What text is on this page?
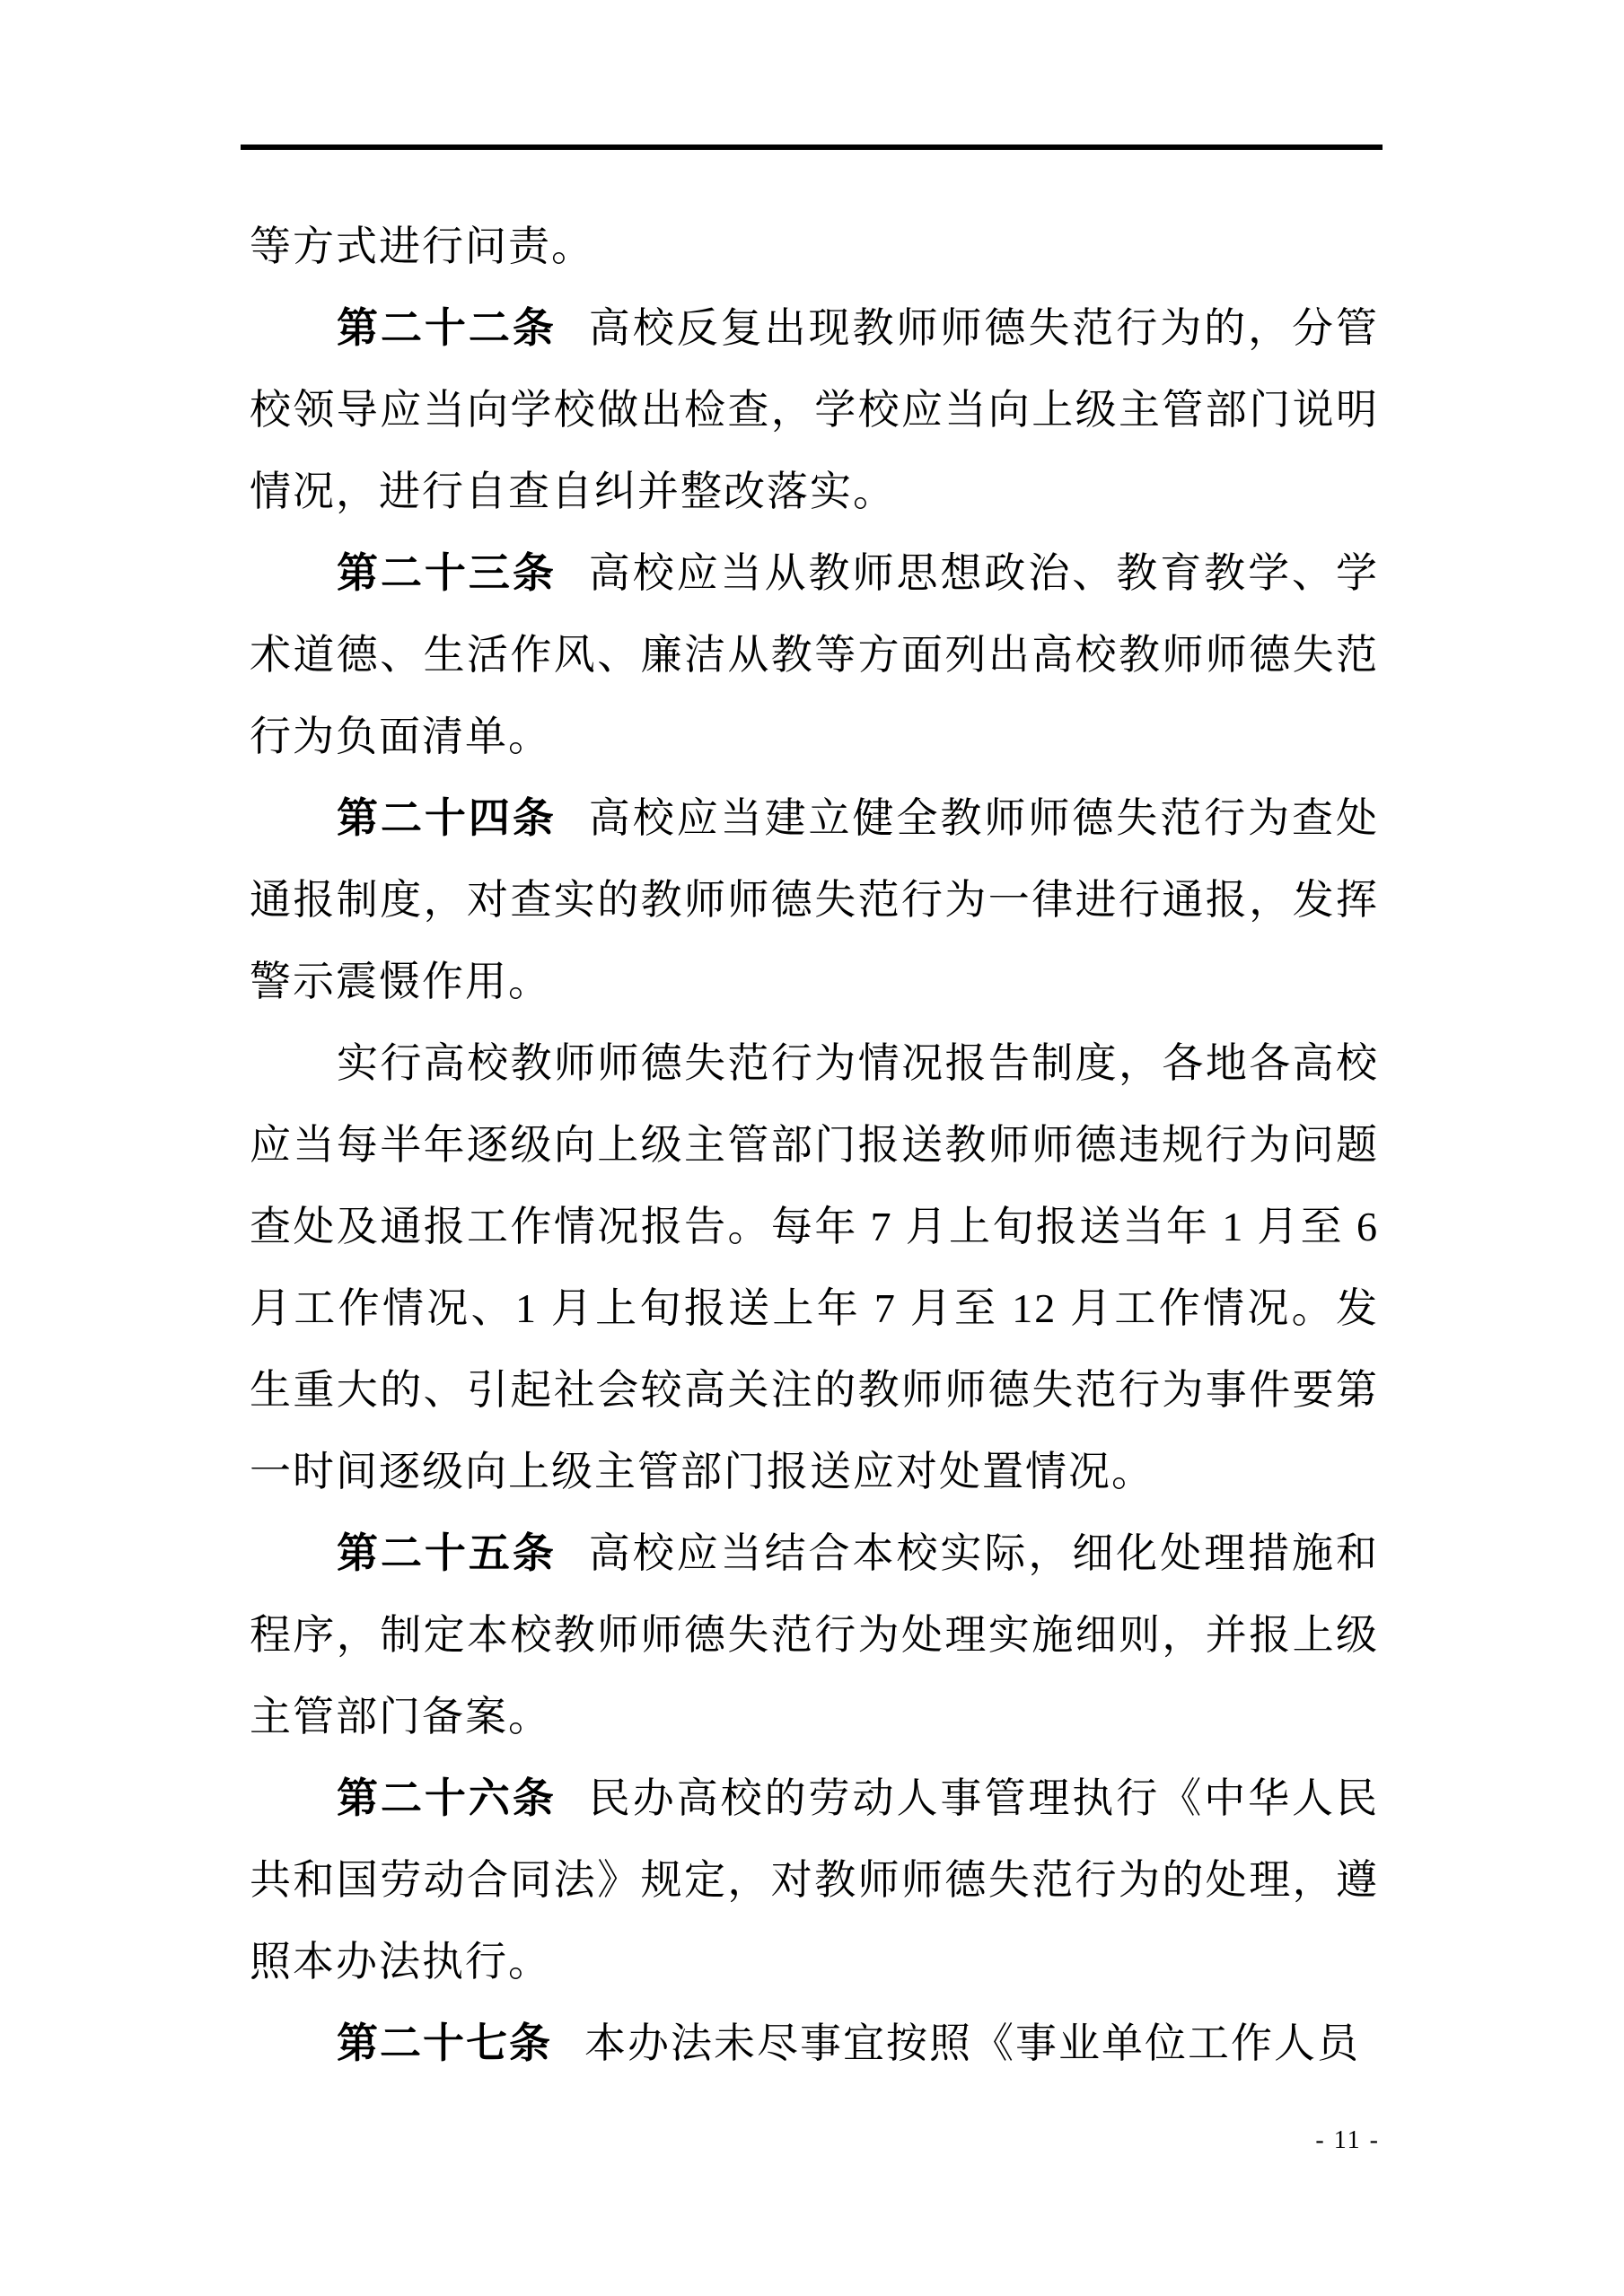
等方式进行问责。

第二十二条 高校反复出现教师师德失范行为的，分管校领导应当向学校做出检查，学校应当向上级主管部门说明情况，进行自查自纠并整改落实。

第二十三条 高校应当从教师思想政治、教育教学、学术道德、生活作风、廉洁从教等方面列出高校教师师德失范行为负面清单。

第二十四条 高校应当建立健全教师师德失范行为查处通报制度，对查实的教师师德失范行为一律进行通报，发挥警示震慑作用。

实行高校教师师德失范行为情况报告制度，各地各高校应当每半年逐级向上级主管部门报送教师师德违规行为问题查处及通报工作情况报告。每年 7 月上旬报送当年 1 月至 6 月工作情况、1 月上旬报送上年 7 月至 12 月工作情况。发生重大的、引起社会较高关注的教师师德失范行为事件要第一时间逐级向上级主管部门报送应对处置情况。

第二十五条 高校应当结合本校实际，细化处理措施和程序，制定本校教师师德失范行为处理实施细则，并报上级主管部门备案。

第二十六条 民办高校的劳动人事管理执行《中华人民共和国劳动合同法》规定，对教师师德失范行为的处理，遵照本办法执行。

第二十七条 本办法未尽事宜按照《事业单位工作人员

- 11 -
